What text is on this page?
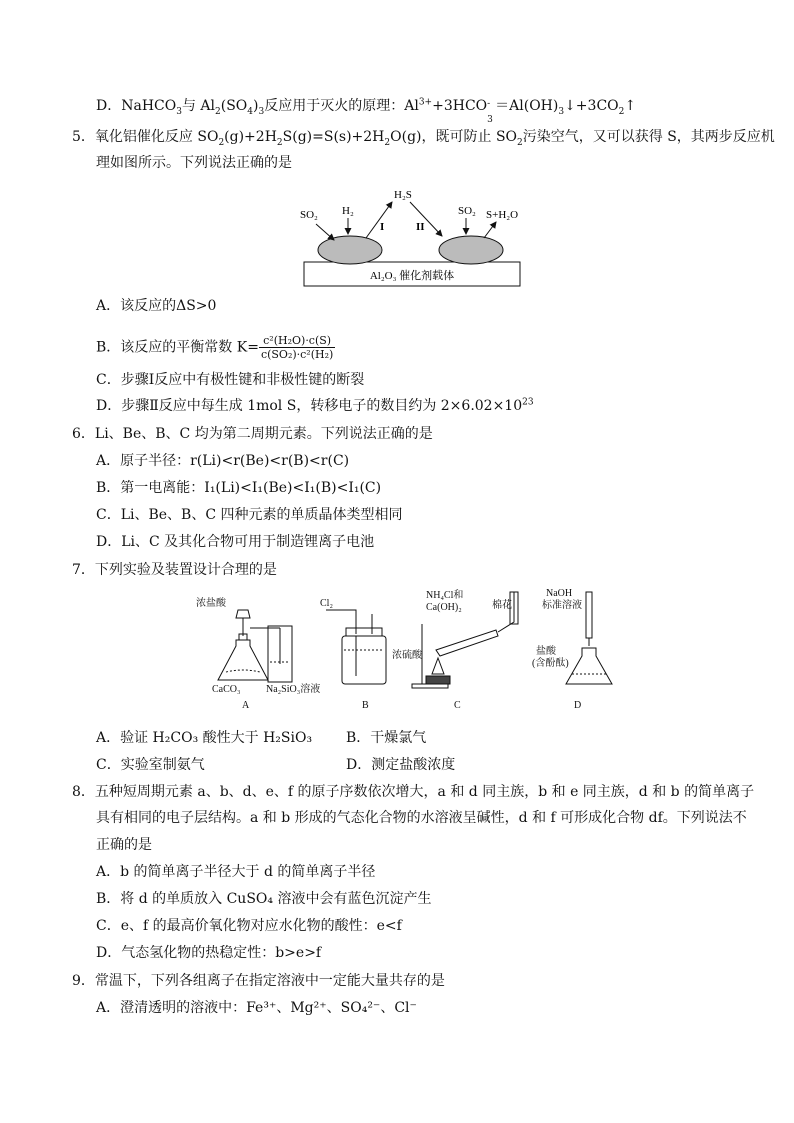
D．NaHCO$_3$与 $Al_2(SO_4)_3$反应用于灭火的原理：$Al^{3+}+3HCO$ -
3
$=Al(OH)_3↓+3CO_2↑$
5．氧化铝催化反应 $SO_2(g)+2H_2S(g)=S(s)+2H_2O(g)$，既可防止 $SO_2$污染空气，又可以获得 S，其两步反应机
理如图所示。下列说法正确的是
Al₂O₃ 催化剂载体
SO₂ H₂
H₂S
I	II
SO₂ S+H₂O
A．该反应的ΔS>0
B．该反应的平衡常数 $K= \frac{\text{c²(H₂O)·c(S)}}{\text{c(SO₂)·c²(H₂)}}$
C．步骤Ⅰ反应中有极性键和非极性键的断裂
D．步骤Ⅱ反应中每生成 1mol S，转移电子的数目约为 $2\times 6.02\times 10^{23}$
6．Li、Be、B、C 均为第二周期元素。下列说法正确的是
A．原子半径：r(Li)<r(Be)<r(B)<r(C)
B．第一电离能：I₁(Li)<I₁(Be)<I₁(B)<I₁(C)
C．Li、Be、B、C 四种元素的单质晶体类型相同
D．Li、C 及其化合物可用于制造锂离子电池
7．下列实验及装置设计合理的是
浓盐酸
CaCO₃	Na₂SiO₃溶液
A
Cl₂
浓硫酸
B
NH₄Cl和
Ca(OH)₂	棉花
C
NaOH
标准溶液
盐酸
(含酚酞)
D
A．验证 H₂CO₃ 酸性大于 H₂SiO₃ B．干燥氯气
C．实验室制氨气	D．测定盐酸浓度
8．五种短周期元素 a、b、d、e、f 的原子序数依次增大，a 和 d 同主族，b 和 e 同主族，d 和 b 的简单离子
具有相同的电子层结构。a 和 b 形成的气态化合物的水溶液呈碱性，d 和 f 可形成化合物 df。下列说法不
正确的是
A．b 的简单离子半径大于 d 的简单离子半径
B．将 d 的单质放入 CuSO₄ 溶液中会有蓝色沉淀产生
C．e、f 的最高价氧化物对应水化物的酸性：e<f
D．气态氢化物的热稳定性：b>e>f
9．常温下，下列各组离子在指定溶液中一定能大量共存的是
A．澄清透明的溶液中：Fe³⁺、Mg²⁺、SO₄²⁻、Cl⁻
